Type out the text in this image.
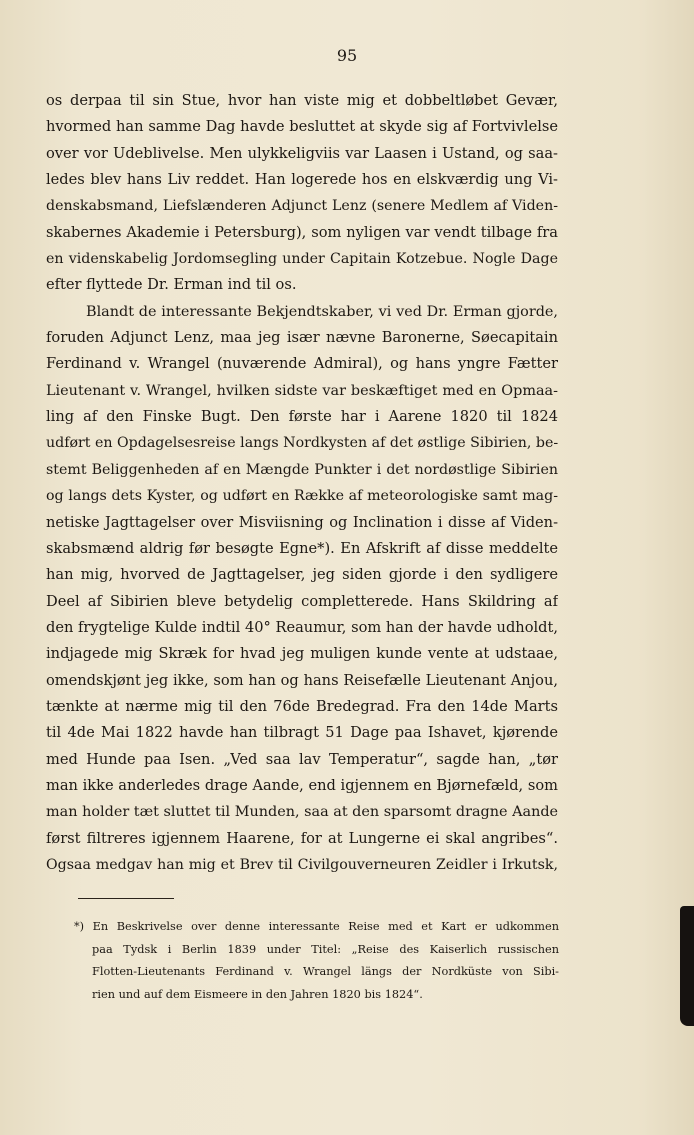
95
os derpaa til sin Stue, hvor han viste mig et dobbeltløbet Gevær,
hvormed han samme Dag havde besluttet at skyde sig af Fortvivlelse
over vor Udeblivelse. Men ulykkeligviis var Laasen i Ustand, og saa-
ledes blev hans Liv reddet. Han logerede hos en elskværdig ung Vi-
denskabsmand, Liefslænderen Adjunct Lenz (senere Medlem af Viden-
skabernes Akademie i Petersburg), som nyligen var vendt tilbage fra
en videnskabelig Jordomsegling under Capitain Kotzebue. Nogle Dage
efter flyttede Dr. Erman ind til os.
Blandt de interessante Bekjendtskaber, vi ved Dr. Erman gjorde,
foruden Adjunct Lenz, maa jeg især nævne Baronerne, Søecapitain
Ferdinand v. Wrangel (nuværende Admiral), og hans yngre Fætter
Lieutenant v. Wrangel, hvilken sidste var beskæftiget med en Opmaa-
ling af den Finske Bugt. Den første har i Aarene 1820 til 1824
udført en Opdagelsesreise langs Nordkysten af det østlige Sibirien, be-
stemt Beliggenheden af en Mængde Punkter i det nordøstlige Sibirien
og langs dets Kyster, og udført en Række af meteorologiske samt mag-
netiske Jagttagelser over Misviisning og Inclination i disse af Viden-
skabsmænd aldrig før besøgte Egne*). En Afskrift af disse meddelte
han mig, hvorved de Jagttagelser, jeg siden gjorde i den sydligere
Deel af Sibirien bleve betydelig completterede. Hans Skildring af
den frygtelige Kulde indtil 40° Reaumur, som han der havde udholdt,
indjagede mig Skræk for hvad jeg muligen kunde vente at udstaae,
omendskjønt jeg ikke, som han og hans Reisefælle Lieutenant Anjou,
tænkte at nærme mig til den 76de Bredegrad. Fra den 14de Marts
til 4de Mai 1822 havde han tilbragt 51 Dage paa Ishavet, kjørende
med Hunde paa Isen. „Ved saa lav Temperatur“, sagde han, „tør
man ikke anderledes drage Aande, end igjennem en Bjørnefæld, som
man holder tæt sluttet til Munden, saa at den sparsomt dragne Aande
først filtreres igjennem Haarene, for at Lungerne ei skal angribes“.
Ogsaa medgav han mig et Brev til Civilgouverneuren Zeidler i Irkutsk,
*) En Beskrivelse over denne interessante Reise med et Kart er udkommen
paa Tydsk i Berlin 1839 under Titel: „Reise des Kaiserlich russischen
Flotten-Lieutenants Ferdinand v. Wrangel längs der Nordküste von Sibi-
rien und auf dem Eismeere in den Jahren 1820 bis 1824“.
